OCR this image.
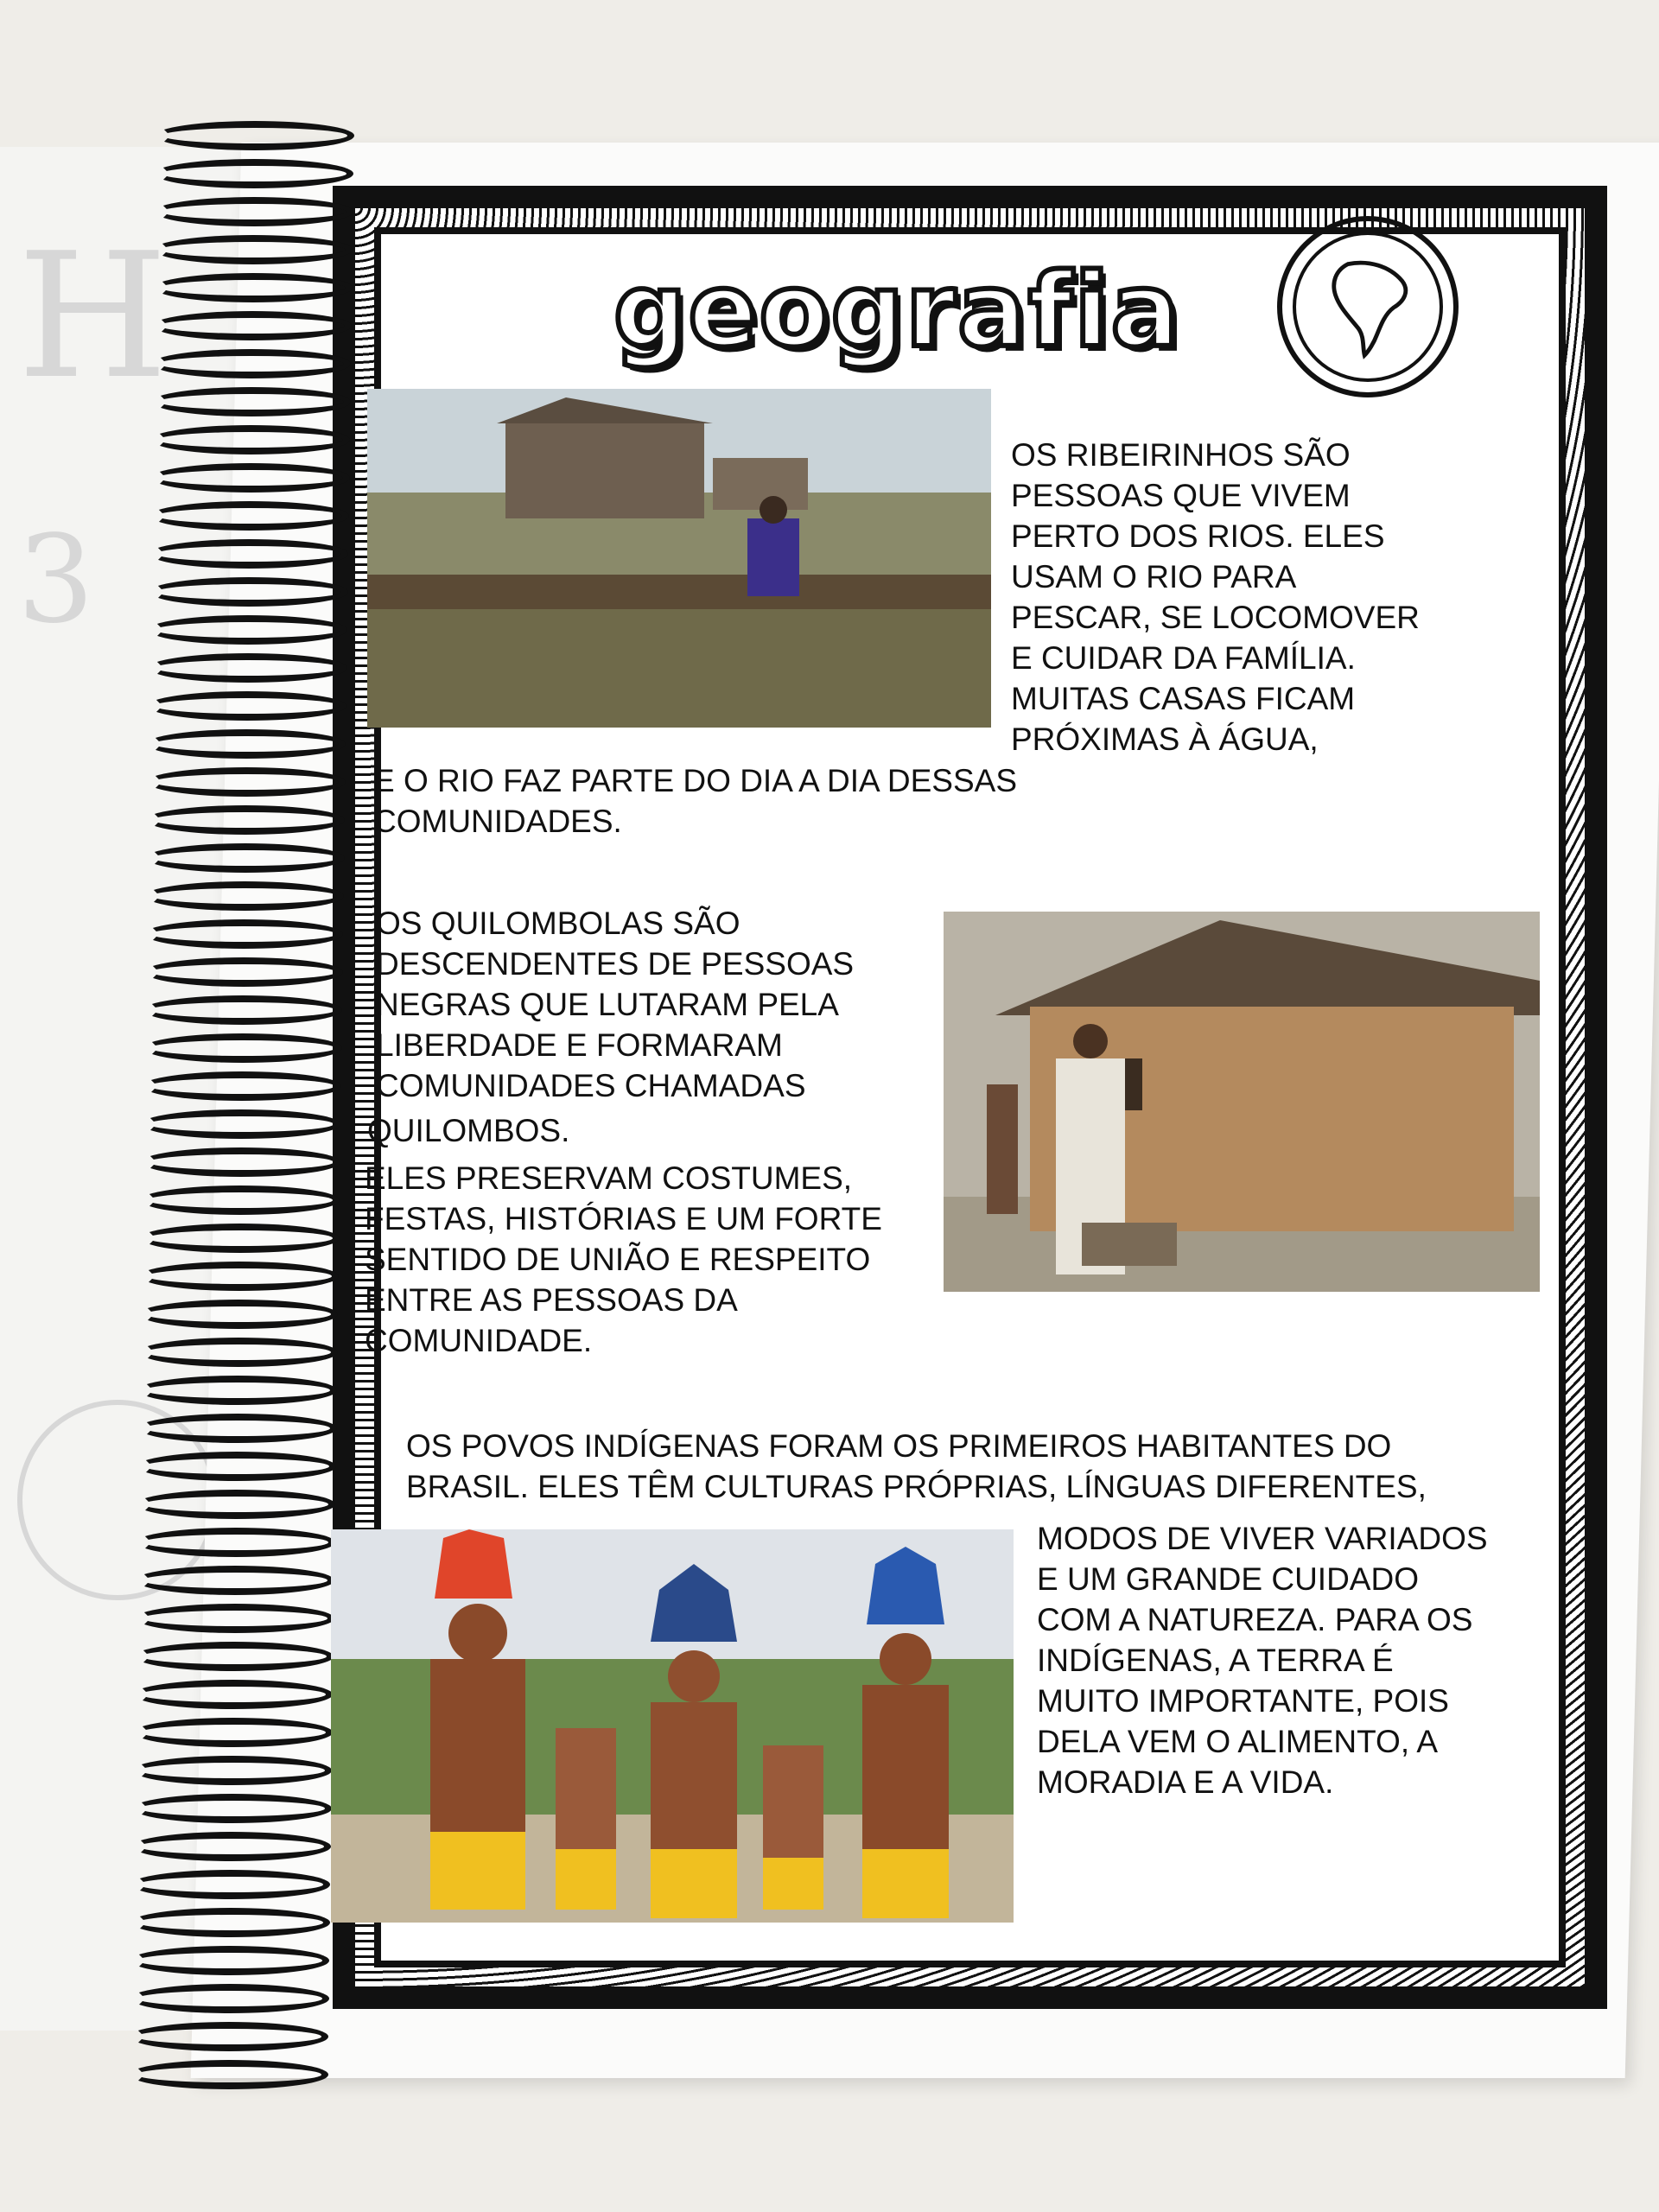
H
3
geografia

OS RIBEIRINHOS SÃO
PESSOAS QUE VIVEM
PERTO DOS RIOS. ELES
USAM O RIO PARA
PESCAR, SE LOCOMOVER
E CUIDAR DA FAMÍLIA.
MUITAS CASAS FICAM
PRÓXIMAS À ÁGUA,

E O RIO FAZ PARTE DO DIA A DIA DESSAS
COMUNIDADES.

OS QUILOMBOLAS SÃO
DESCENDENTES DE PESSOAS
NEGRAS QUE LUTARAM PELA
LIBERDADE E FORMARAM
COMUNIDADES CHAMADAS

QUILOMBOS.

ELES PRESERVAM COSTUMES,
FESTAS, HISTÓRIAS E UM FORTE
SENTIDO DE UNIÃO E RESPEITO
ENTRE AS PESSOAS DA
COMUNIDADE.

OS POVOS INDÍGENAS FORAM OS PRIMEIROS HABITANTES DO
BRASIL. ELES TÊM CULTURAS PRÓPRIAS, LÍNGUAS DIFERENTES,

MODOS DE VIVER VARIADOS
E UM GRANDE CUIDADO
COM A NATUREZA. PARA OS
INDÍGENAS, A TERRA É
MUITO IMPORTANTE, POIS
DELA VEM O ALIMENTO, A
MORADIA E A VIDA.
